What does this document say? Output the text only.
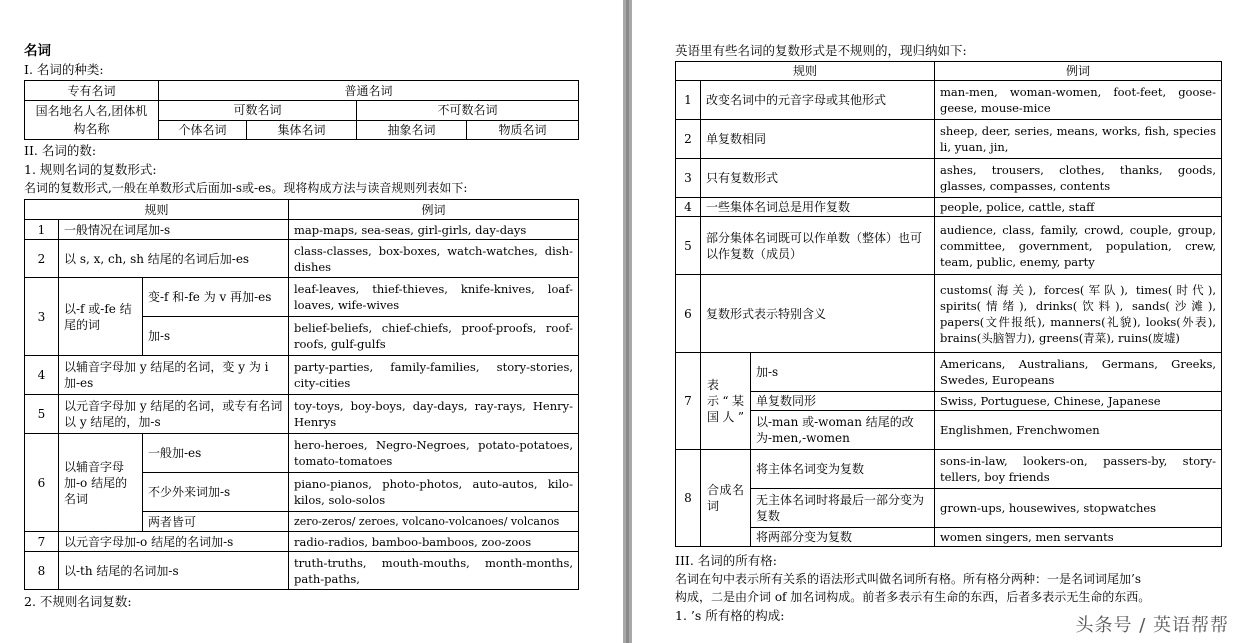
名词
I. 名词的种类:
专有名词	普通名词			
国名地名人名,团体机构名称	可数名词		不可数名词	
	个体名词	集体名词	抽象名词	物质名词
II. 名词的数:
1. 规则名词的复数形式:
名词的复数形式,一般在单数形式后面加-s或-es。现将构成方法与读音规则列表如下:
规则			例词
1	一般情况在词尾加-s		map-maps, sea-seas, girl-girls, day-days
2	以 s, x, ch, sh 结尾的名词后加-es		class-classes, box-boxes, watch-watches, dish-dishes
3	以-f 或-fe 结尾的词	变-f 和-fe 为 v 再加-es	leaf-leaves, thief-thieves, knife-knives, loaf-loaves, wife-wives
		加-s	belief-beliefs, chief-chiefs, proof-proofs, roof-roofs, gulf-gulfs
4	以辅音字母加 y 结尾的名词，变 y 为 i 加-es		party-parties, family-families, story-stories, city-cities
5	以元音字母加 y 结尾的名词，或专有名词以 y 结尾的，加-s		toy-toys, boy-boys, day-days, ray-rays, Henry-Henrys
6	以辅音字母加-o 结尾的名词	一般加-es	hero-heroes, Negro-Negroes, potato-potatoes, tomato-tomatoes
		不少外来词加-s	piano-pianos, photo-photos, auto-autos, kilo-kilos, solo-solos
		两者皆可	zero-zeros/ zeroes, volcano-volcanoes/ volcanos
7	以元音字母加-o 结尾的名词加-s		radio-radios, bamboo-bamboos, zoo-zoos
8	以-th 结尾的名词加-s		truth-truths, mouth-mouths, month-months, path-paths,
2. 不规则名词复数:
英语里有些名词的复数形式是不规则的，现归纳如下:
规则			例词
1	改变名词中的元音字母或其他形式		man-men, woman-women, foot-feet, goose-geese, mouse-mice
2	单复数相同		sheep, deer, series, means, works, fish, species li, yuan, jin,
3	只有复数形式		ashes, trousers, clothes, thanks, goods, glasses, compasses, contents
4	一些集体名词总是用作复数		people, police, cattle, staff
5	部分集体名词既可以作单数（整体）也可以作复数（成员）		audience, class, family, crowd, couple, group, committee, government, population, crew, team, public, enemy, party
6	复数形式表示特别含义		customs(海关), forces(军队), times(时代), spirits(情绪), drinks(饮料), sands(沙滩), papers(文件报纸), manners(礼貌), looks(外表), brains(头脑智力), greens(青菜), ruins(废墟)
7	表示“某国人”	加-s	Americans, Australians, Germans, Greeks, Swedes, Europeans
		单复数同形	Swiss, Portuguese, Chinese, Japanese
		以-man 或-woman 结尾的改为-men,-women	Englishmen, Frenchwomen
8	合成名词	将主体名词变为复数	sons-in-law, lookers-on, passers-by, story-tellers, boy friends
		无主体名词时将最后一部分变为复数	grown-ups, housewives, stopwatches
		将两部分变为复数	women singers, men servants
III. 名词的所有格:
名词在句中表示所有关系的语法形式叫做名词所有格。所有格分两种：一是名词词尾加’s
构成，二是由介词 of 加名词构成。前者多表示有生命的东西，后者多表示无生命的东西。
1. ’s 所有格的构成:	头条号 / 英语帮帮
